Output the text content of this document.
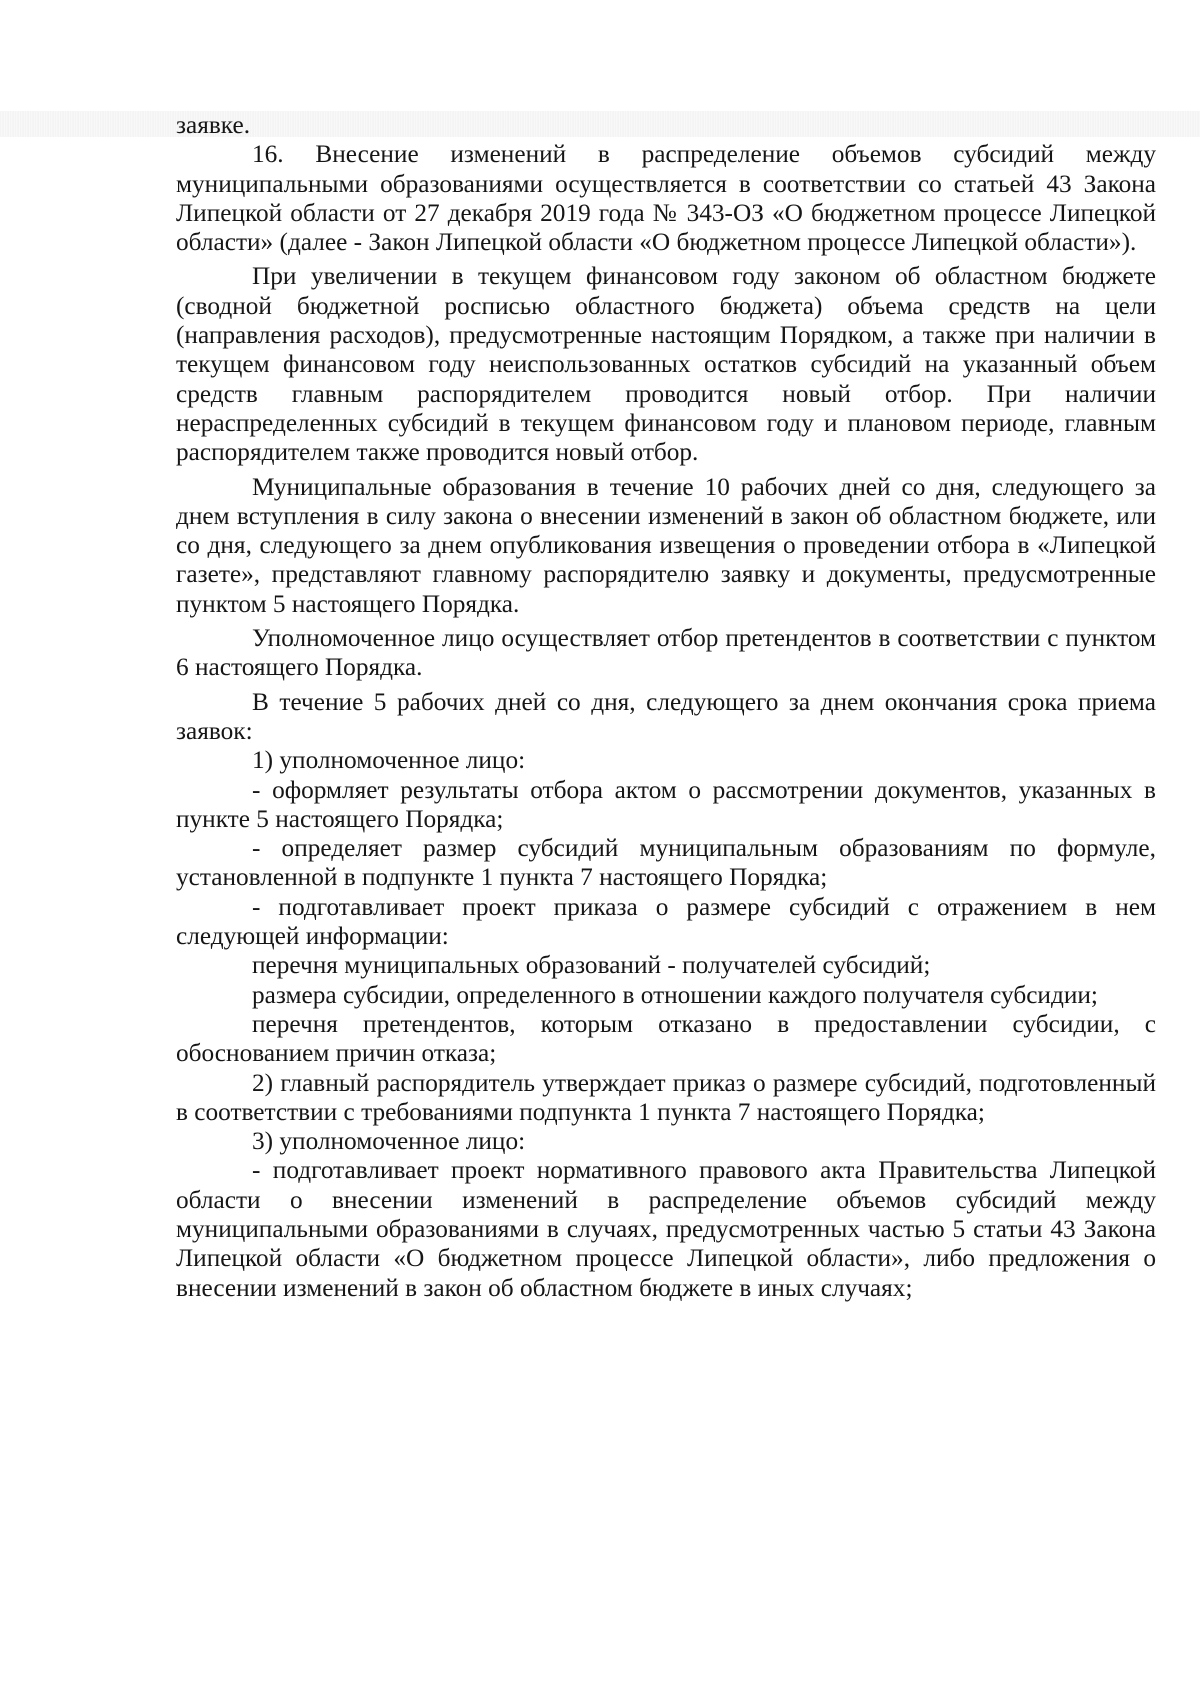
заявке.

16. Внесение изменений в распределение объемов субсидий между муниципальными образованиями осуществляется в соответствии со статьей 43 Закона Липецкой области от 27 декабря 2019 года № 343-ОЗ «О бюджетном процессе Липецкой области» (далее - Закон Липецкой области «О бюджетном процессе Липецкой области»).

При увеличении в текущем финансовом году законом об областном бюджете (сводной бюджетной росписью областного бюджета) объема средств на цели (направления расходов), предусмотренные настоящим Порядком, а также при наличии в текущем финансовом году неиспользованных остатков субсидий на указанный объем средств главным распорядителем проводится новый отбор. При наличии нераспределенных субсидий в текущем финансовом году и плановом периоде, главным распорядителем также проводится новый отбор.

Муниципальные образования в течение 10 рабочих дней со дня, следующего за днем вступления в силу закона о внесении изменений в закон об областном бюджете, или со дня, следующего за днем опубликования извещения о проведении отбора в «Липецкой газете», представляют главному распорядителю заявку и документы, предусмотренные пунктом 5 настоящего Порядка.

Уполномоченное лицо осуществляет отбор претендентов в соответствии с пунктом 6 настоящего Порядка.

В течение 5 рабочих дней со дня, следующего за днем окончания срока приема заявок:

1) уполномоченное лицо:

- оформляет результаты отбора актом о рассмотрении документов, указанных в пункте 5 настоящего Порядка;

- определяет размер субсидий муниципальным образованиям по формуле, установленной в подпункте 1 пункта 7 настоящего Порядка;

- подготавливает проект приказа о размере субсидий с отражением в нем следующей информации:

перечня муниципальных образований - получателей субсидий;

размера субсидии, определенного в отношении каждого получателя субсидии;

перечня претендентов, которым отказано в предоставлении субсидии, с обоснованием причин отказа;

2) главный распорядитель утверждает приказ о размере субсидий, подготовленный в соответствии с требованиями подпункта 1 пункта 7 настоящего Порядка;

3) уполномоченное лицо:

- подготавливает проект нормативного правового акта Правительства Липецкой области о внесении изменений в распределение объемов субсидий между муниципальными образованиями в случаях, предусмотренных частью 5 статьи 43 Закона Липецкой области «О бюджетном процессе Липецкой области», либо предложения о внесении изменений в закон об областном бюджете в иных случаях;
